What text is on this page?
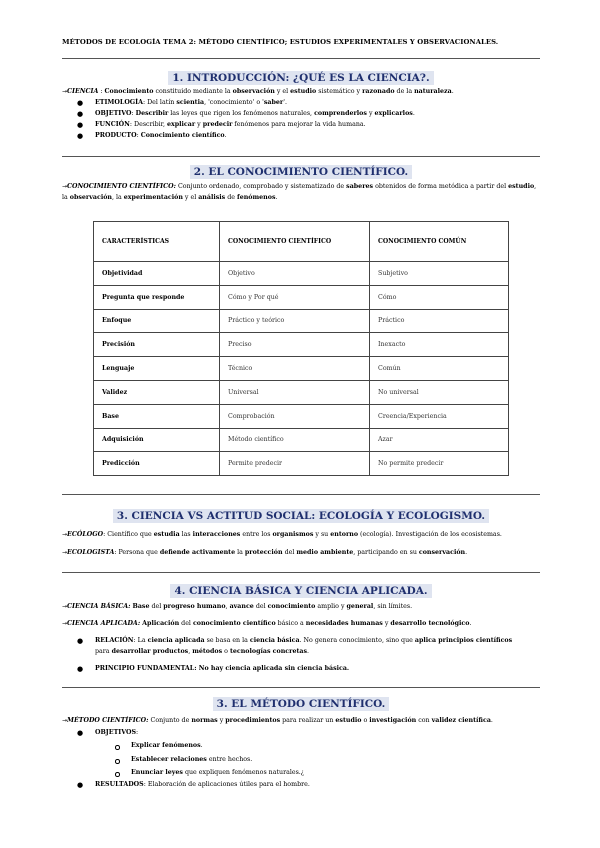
MÉTODOS DE ECOLOGÍA TEMA 2: MÉTODO CIENTÍFICO; ESTUDIOS EXPERIMENTALES Y OBSERVACIONALES.
1. INTRODUCCIÓN: ¿QUÉ ES LA CIENCIA?.
→CIENCIA : Conocimiento constituido mediante la observación y el estudio sistemático y razonado de la naturaleza.
● ETIMOLOGÍA: Del latín scientia, 'conocimiento' o 'saber'.
● OBJETIVO: Describir las leyes que rigen los fenómenos naturales, comprenderlos y explicarlos.
● FUNCIÓN: Describir, explicar y predecir fenómenos para mejorar la vida humana.
● PRODUCTO: Conocimiento científico.
2. EL CONOCIMIENTO CIENTÍFICO.
→CONOCIMIENTO CIENTÍFICO: Conjunto ordenado, comprobado y sistematizado de saberes obtenidos de forma metódica a partir del estudio, la observación, la experimentación y el análisis de fenómenos.
CARACTERÍSTICAS	CONOCIMIENTO CIENTÍFICO	CONOCIMIENTO COMÚN
Objetividad	Objetivo	Subjetivo
Pregunta que responde	Cómo y Por qué	Cómo
Enfoque	Práctico y teórico	Práctico
Precisión	Preciso	Inexacto
Lenguaje	Técnico	Común
Validez	Universal	No universal
Base	Comprobación	Creencia/Experiencia
Adquisición	Método científico	Azar
Predicción	Permite predecir	No permite predecir
3. CIENCIA VS ACTITUD SOCIAL: ECOLOGÍA Y ECOLOGISMO.
→ECÓLOGO: Científico que estudia las interacciones entre los organismos y su entorno (ecología). Investigación de los ecosistemas.
→ECOLOGISTA: Persona que defiende activamente la protección del medio ambiente, participando en su conservación.
4. CIENCIA BÁSICA Y CIENCIA APLICADA.
→CIENCIA BÁSICA: Base del progreso humano, avance del conocimiento amplio y general, sin límites.
→CIENCIA APLICADA: Aplicación del conocimiento científico básico a necesidades humanas y desarrollo tecnológico.
● RELACIÓN: La ciencia aplicada se basa en la ciencia básica. No genera conocimiento, sino que aplica principios científicos
para desarrollar productos, métodos o tecnologías concretas.
● PRINCIPIO FUNDAMENTAL: No hay ciencia aplicada sin ciencia básica.
3. EL MÉTODO CIENTÍFICO.
→MÉTODO CIENTÍFICO: Conjunto de normas y procedimientos para realizar un estudio o investigación con validez científica.
● OBJETIVOS:
Explicar fenómenos.
Establecer relaciones entre hechos.
Enunciar leyes que expliquen fenómenos naturales.¿
● RESULTADOS: Elaboración de aplicaciones útiles para el hombre.
